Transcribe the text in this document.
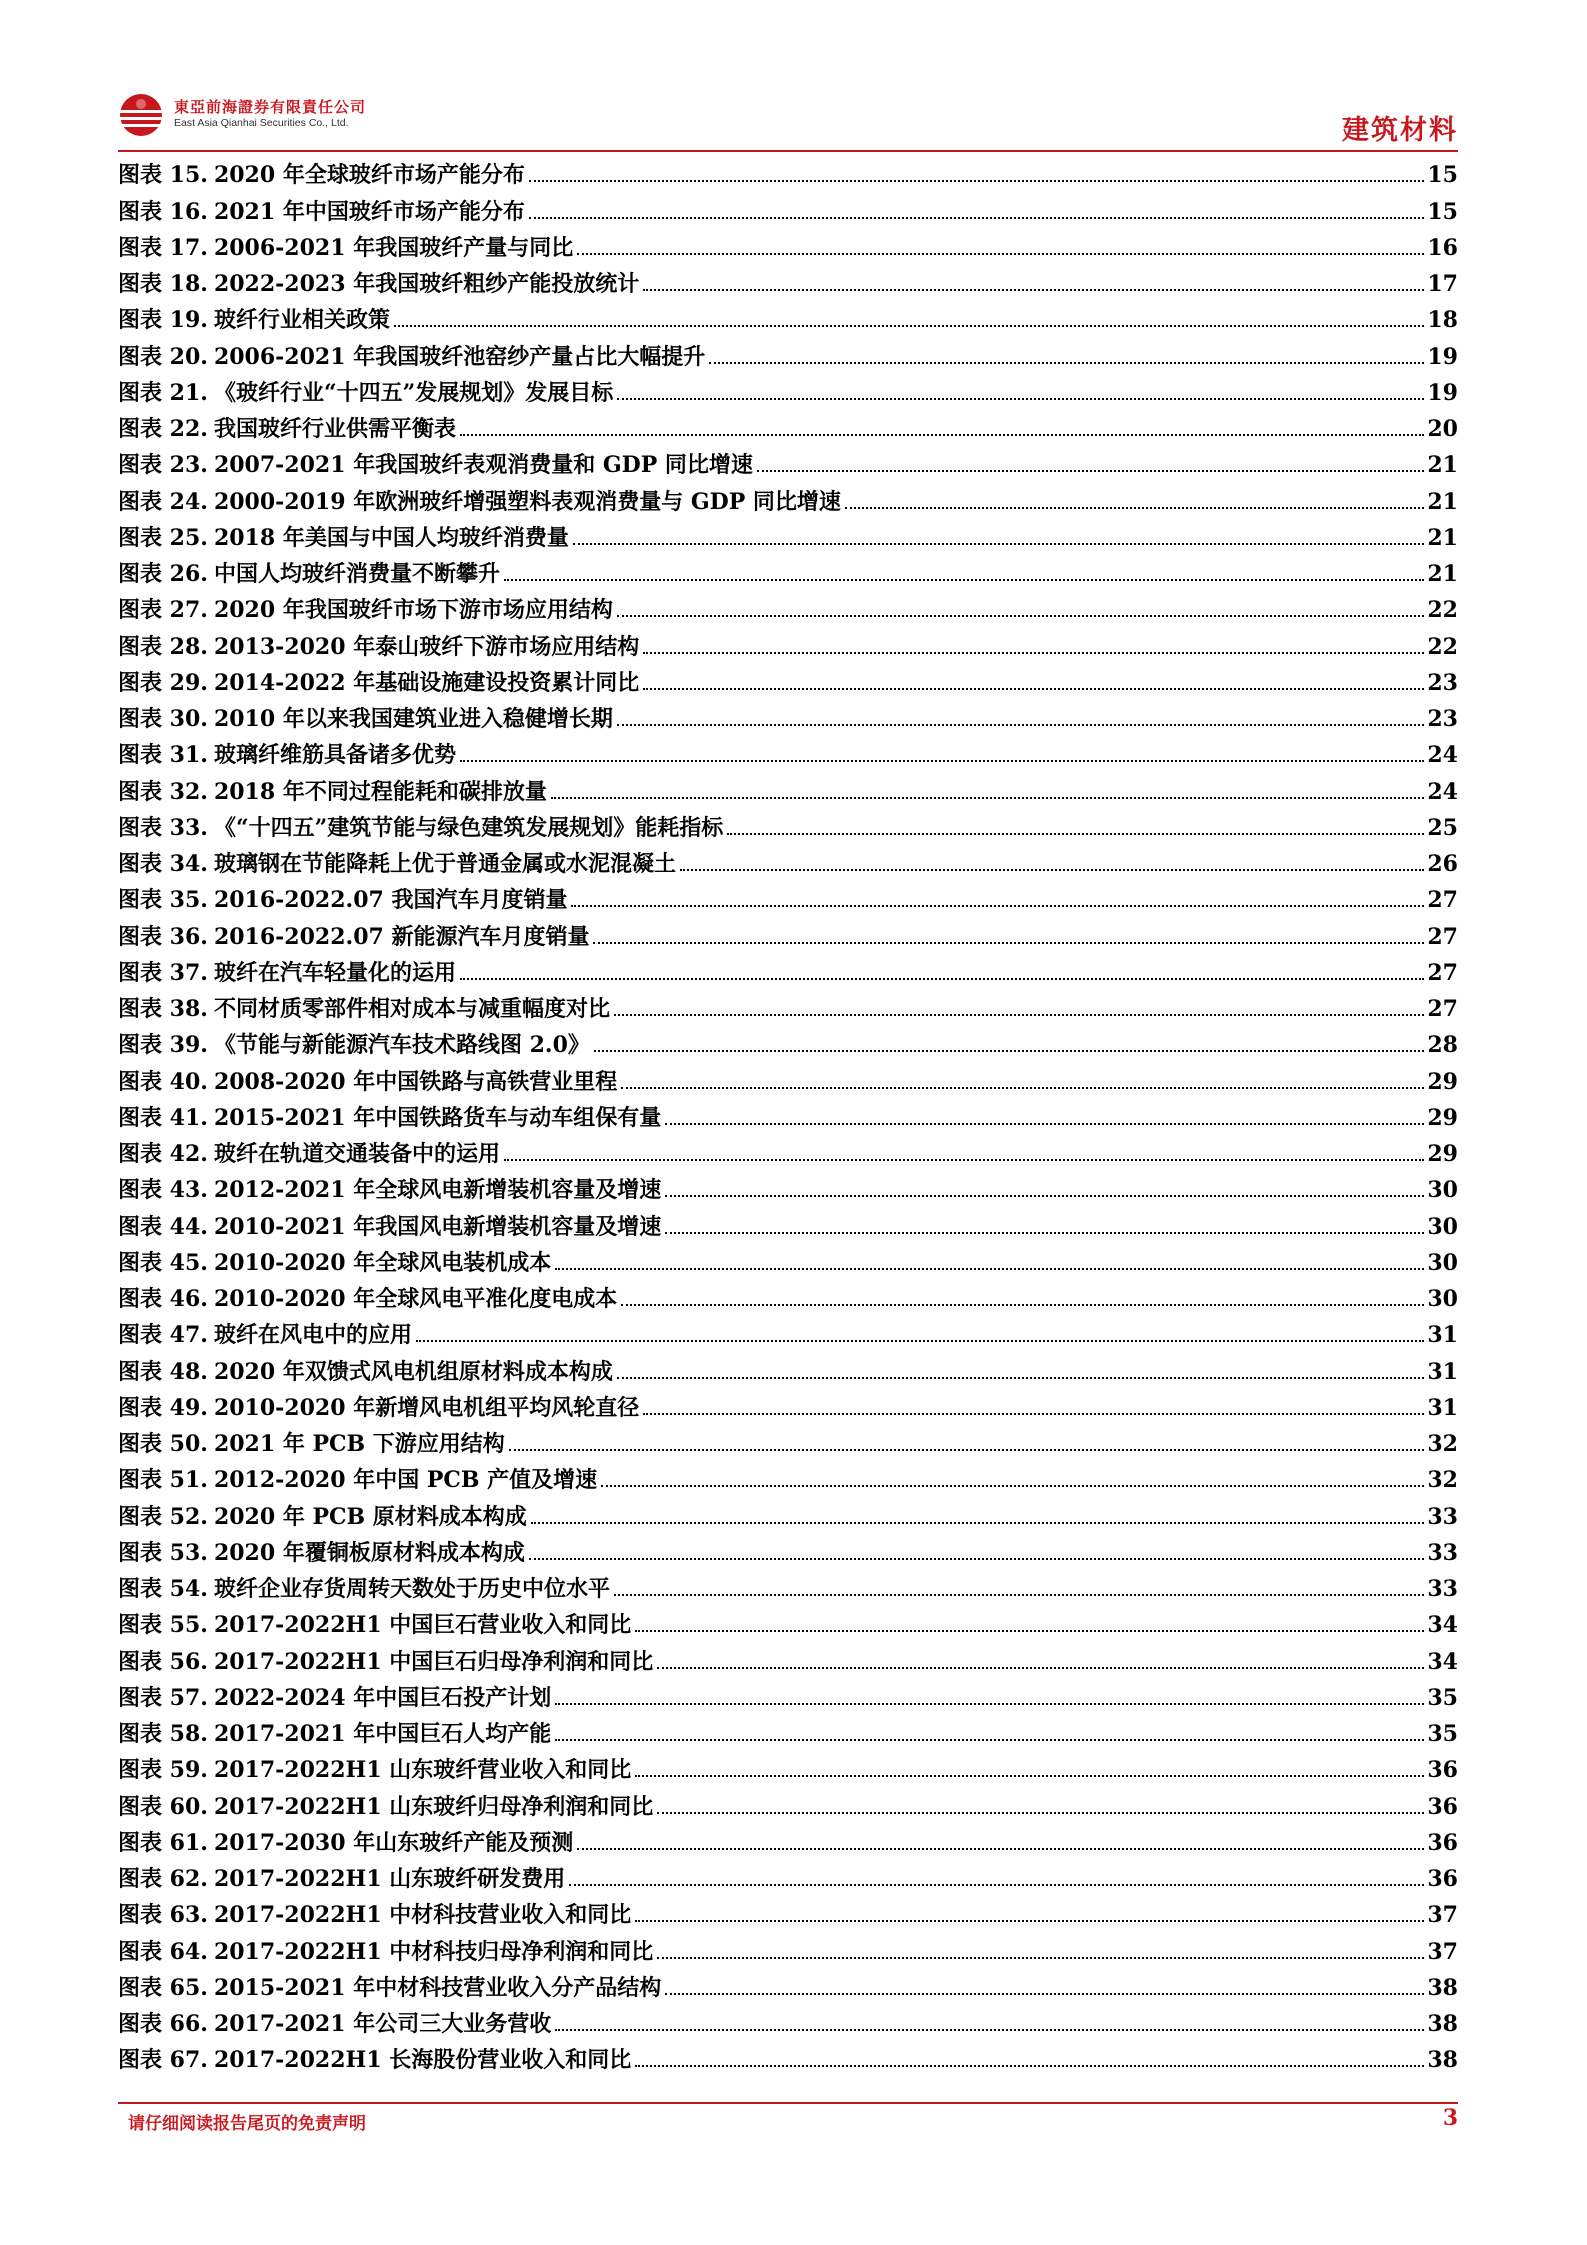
東亞前海證券有限責任公司
East Asia Qianhai Securities Co., Ltd.	建筑材料
图表 15. 2020 年全球玻纤市场产能分布	15
图表 16. 2021 年中国玻纤市场产能分布	15
图表 17. 2006-2021 年我国玻纤产量与同比	16
图表 18. 2022-2023 年我国玻纤粗纱产能投放统计	17
图表 19. 玻纤行业相关政策	18
图表 20. 2006-2021 年我国玻纤池窑纱产量占比大幅提升	19
图表 21. 《玻纤行业“十四五”发展规划》发展目标	19
图表 22. 我国玻纤行业供需平衡表	20
图表 23. 2007-2021 年我国玻纤表观消费量和 GDP 同比增速	21
图表 24. 2000-2019 年欧洲玻纤增强塑料表观消费量与 GDP 同比增速	21
图表 25. 2018 年美国与中国人均玻纤消费量	21
图表 26. 中国人均玻纤消费量不断攀升	21
图表 27. 2020 年我国玻纤市场下游市场应用结构	22
图表 28. 2013-2020 年泰山玻纤下游市场应用结构	22
图表 29. 2014-2022 年基础设施建设投资累计同比	23
图表 30. 2010 年以来我国建筑业进入稳健增长期	23
图表 31. 玻璃纤维筋具备诸多优势	24
图表 32. 2018 年不同过程能耗和碳排放量	24
图表 33. 《“十四五”建筑节能与绿色建筑发展规划》能耗指标	25
图表 34. 玻璃钢在节能降耗上优于普通金属或水泥混凝土	26
图表 35. 2016-2022.07 我国汽车月度销量	27
图表 36. 2016-2022.07 新能源汽车月度销量	27
图表 37. 玻纤在汽车轻量化的运用	27
图表 38. 不同材质零部件相对成本与减重幅度对比	27
图表 39. 《节能与新能源汽车技术路线图 2.0》	28
图表 40. 2008-2020 年中国铁路与高铁营业里程	29
图表 41. 2015-2021 年中国铁路货车与动车组保有量	29
图表 42. 玻纤在轨道交通装备中的运用	29
图表 43. 2012-2021 年全球风电新增装机容量及增速	30
图表 44. 2010-2021 年我国风电新增装机容量及增速	30
图表 45. 2010-2020 年全球风电装机成本	30
图表 46. 2010-2020 年全球风电平准化度电成本	30
图表 47. 玻纤在风电中的应用	31
图表 48. 2020 年双馈式风电机组原材料成本构成	31
图表 49. 2010-2020 年新增风电机组平均风轮直径	31
图表 50. 2021 年 PCB 下游应用结构	32
图表 51. 2012-2020 年中国 PCB 产值及增速	32
图表 52. 2020 年 PCB 原材料成本构成	33
图表 53. 2020 年覆铜板原材料成本构成	33
图表 54. 玻纤企业存货周转天数处于历史中位水平	33
图表 55. 2017-2022H1 中国巨石营业收入和同比	34
图表 56. 2017-2022H1 中国巨石归母净利润和同比	34
图表 57. 2022-2024 年中国巨石投产计划	35
图表 58. 2017-2021 年中国巨石人均产能	35
图表 59. 2017-2022H1 山东玻纤营业收入和同比	36
图表 60. 2017-2022H1 山东玻纤归母净利润和同比	36
图表 61. 2017-2030 年山东玻纤产能及预测	36
图表 62. 2017-2022H1 山东玻纤研发费用	36
图表 63. 2017-2022H1 中材科技营业收入和同比	37
图表 64. 2017-2022H1 中材科技归母净利润和同比	37
图表 65. 2015-2021 年中材科技营业收入分产品结构	38
图表 66. 2017-2021 年公司三大业务营收	38
图表 67. 2017-2022H1 长海股份营业收入和同比	38
请仔细阅读报告尾页的免责声明	3
